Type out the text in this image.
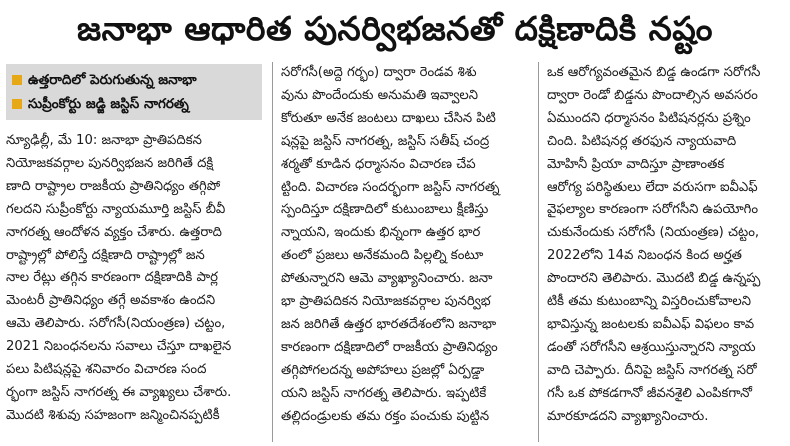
జనాభా ఆధారిత పునర్విభజనతో దక్షిణాదికి నష్టం
ఉత్తరాదిలో పెరుగుతున్న జనాభా
సుప్రీంకోర్టు జడ్జి జస్టిస్ నాగరత్న
న్యూఢిల్లీ, మే 10: జనాభా ప్రాతిపదికన
నియోజకవర్గాల పునర్విభజన జరిగితే దక్షి
ణాది రాష్ట్రాల రాజకీయ ప్రాతినిధ్యం తగ్గిపో
గలదని సుప్రీంకోర్టు న్యాయమూర్తి జస్టిస్ బీవీ
నాగరత్న ఆందోళన వ్యక్తం చేశారు. ఉత్తరాది
రాష్ట్రాల్లో పోలిస్తే దక్షిణాది రాష్ట్రాల్లో జన
నాల రేట్లు తగ్గిన కారణంగా దక్షిణాదికి పార్ల
మెంటరీ ప్రాతినిధ్యం తగ్గే అవకాశం ఉందని
ఆమె తెలిపారు. సరోగసీ(నియంత్రణ) చట్టం,
2021 నిబంధనలను సవాలు చేస్తూ దాఖలైన
పలు పిటిషన్లపై శనివారం విచారణ సంద
ర్భంగా జస్టిస్ నాగరత్న ఈ వ్యాఖ్యలు చేశారు.
మొదటి శిశువు సహజంగా జన్మించినప్పటికీ
సరోగసీ(అద్దె గర్భం) ద్వారా రెండవ శిశు
వును పొందేందుకు అనుమతి ఇవ్వాలని
కోరుతూ అనేక జంటలు దాఖలు చేసిన పిటి
షన్లపై జస్టిస్ నాగరత్న, జస్టిస్ సతీష్ చంద్ర
శర్మతో కూడిన ధర్మాసనం విచారణ చేప
ట్టింది. విచారణ సందర్భంగా జస్టిస్ నాగరత్న
స్పందిస్తూ దక్షిణాదిలో కుటుంబాలు క్షీణిస్తు
న్నాయని, ఇందుకు భిన్నంగా ఉత్తర భార
తంలో ప్రజలు అనేకమంది పిల్లల్ని కంటూ
పోతున్నారని ఆమె వ్యాఖ్యానించారు. జనా
భా ప్రాతిపదికన నియోజకవర్గాల పునర్విభ
జన జరిగితే ఉత్తర భారతదేశంలోని జనాభా
కారణంగా దక్షిణాదిలో రాజకీయ ప్రాతినిధ్యం
తగ్గిపోగలదన్న అపోహలు ప్రజల్లో ఏర్పడ్డా
యని జస్టిస్ నాగరత్న తెలిపారు. ఇప్పటికే
తల్లిదండ్రులకు తమ రక్తం పంచుకు పుట్టిన
ఒక ఆరోగ్యవంతమైన బిడ్డ ఉండగా సరోగసీ
ద్వారా రెండో బిడ్డను పొందాల్సిన అవసరం
ఏముందని ధర్మాసనం పిటిషనర్లను ప్రశ్నిం
చింది. పిటిషనర్ల తరఫున న్యాయవాది
మోహినీ ప్రియా వాదిస్తూ ప్రాణాంతక
ఆరోగ్య పరిస్థితులు లేదా వరుసగా ఐవీఎఫ్
వైఫల్యాల కారణంగా సరోగసీని ఉపయోగిం
చుకునేందుకు సరోగసీ (నియంత్రణ) చట్టం,
2022లోని 14వ నిబంధన కింద అర్హత
పొందారని తెలిపారు. మొదటి బిడ్డ ఉన్నప్ప
టికీ తమ కుటుంబాన్ని విస్తరించుకోవాలని
భావిస్తున్న జంటలకు ఐవీఎఫ్ విఫలం కావ
డంతో సరోగసీని ఆశ్రయిస్తున్నారని న్యాయ
వాది చెప్పారు. దీనిపై జస్టిస్ నాగరత్న సరో
గసీ ఒక పోకడగానో జీవనశైలి ఎంపికగానో
మారకూడదని వ్యాఖ్యానించారు.
